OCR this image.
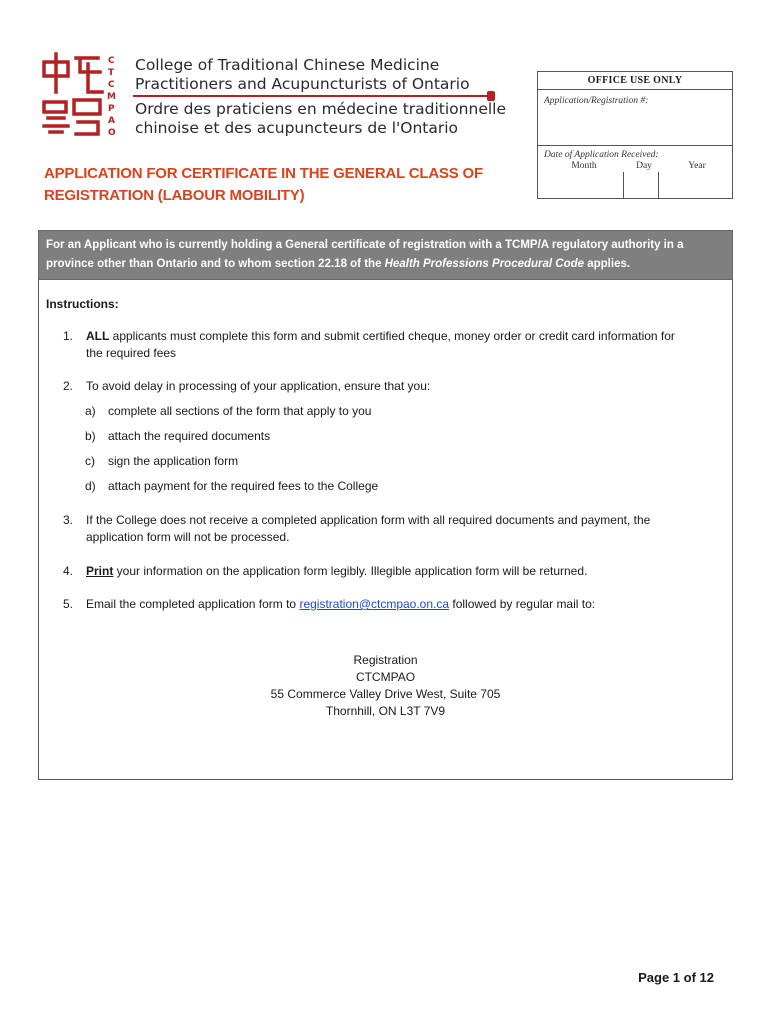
C
T
C
M
P
A
O
College of Traditional Chinese Medicine
Practitioners and Acupuncturists of Ontario
Ordre des praticiens en médecine traditionnelle
chinoise et des acupuncteurs de l'Ontario
OFFICE USE ONLY
Application/Registration #:
Date of Application Received:
Month	Day	Year
APPLICATION FOR CERTIFICATE IN THE GENERAL CLASS OF
REGISTRATION (LABOUR MOBILITY)
For an Applicant who is currently holding a General certificate of registration with a TCMP/A regulatory authority in a
province other than Ontario and to whom section 22.18 of the Health Professions Procedural Code applies.
Instructions:
1. ALL applicants must complete this form and submit certified cheque, money order or credit card information for
the required fees
2. To avoid delay in processing of your application, ensure that you:
a) complete all sections of the form that apply to you
b) attach the required documents
c) sign the application form
d) attach payment for the required fees to the College
3. If the College does not receive a completed application form with all required documents and payment, the
application form will not be processed.
4. Print your information on the application form legibly. Illegible application form will be returned.
5. Email the completed application form to registration@ctcmpao.on.ca followed by regular mail to:
Registration
CTCMPAO
55 Commerce Valley Drive West, Suite 705
Thornhill, ON L3T 7V9
Page 1 of 12
